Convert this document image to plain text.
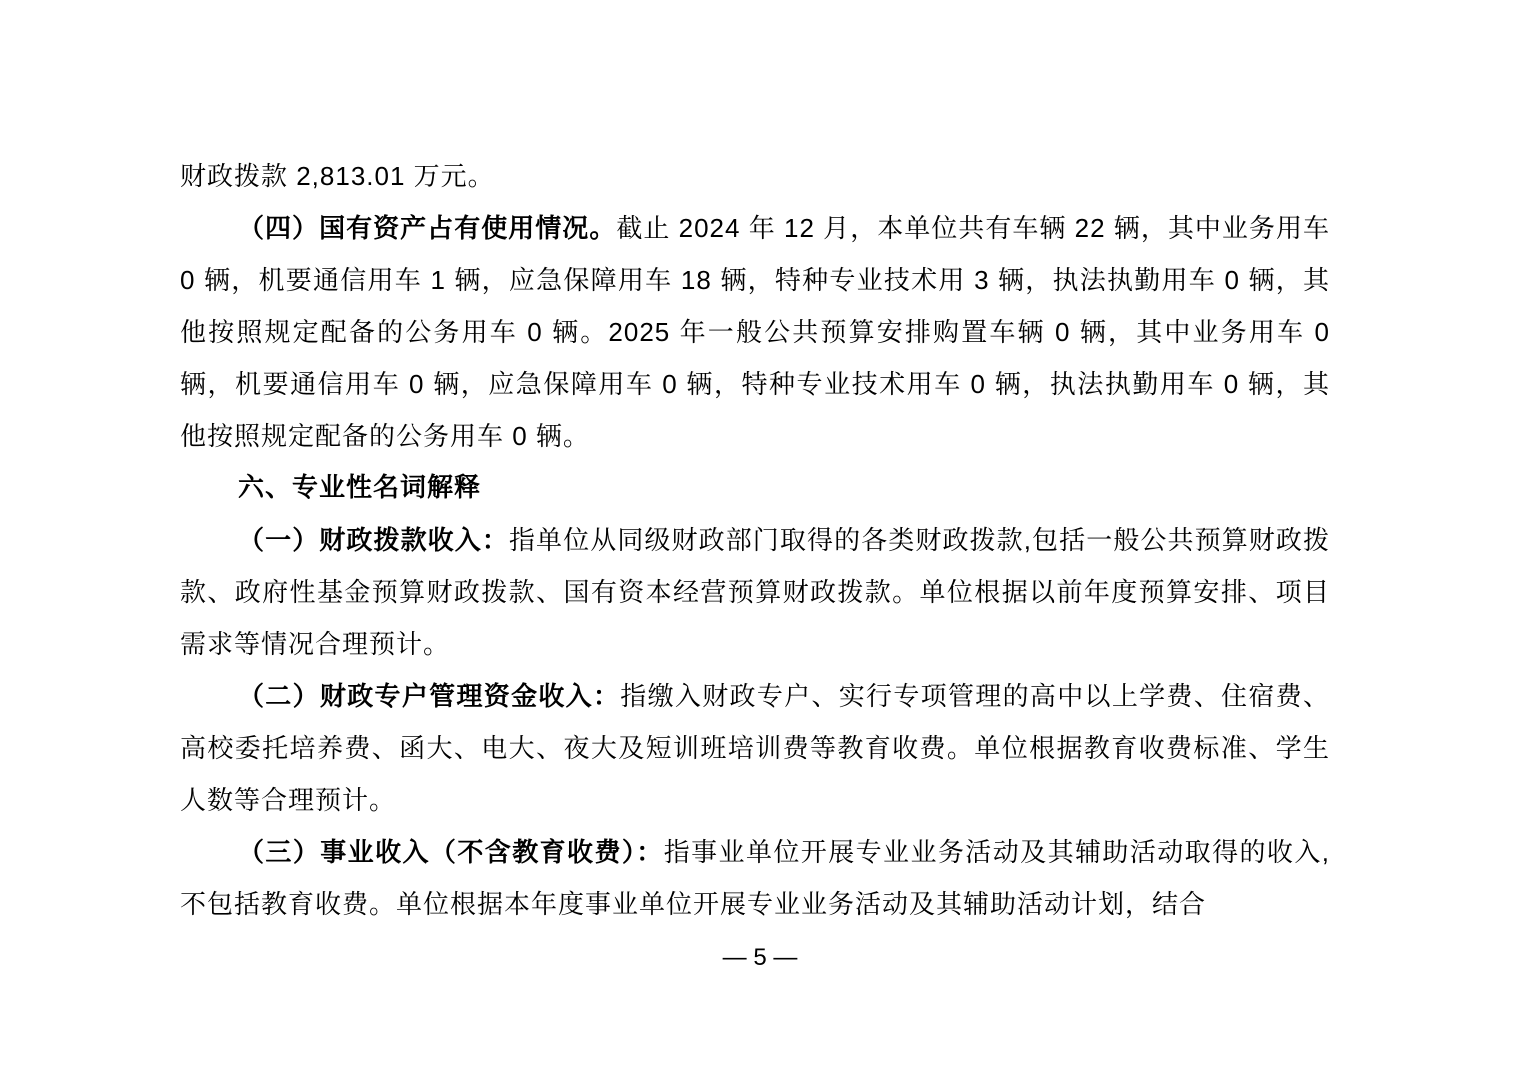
财政拨款 2,813.01 万元。

（四）国有资产占有使用情况。截止 2024 年 12 月，本单位共有车辆 22 辆，其中业务用车 0 辆，机要通信用车 1 辆，应急保障用车 18 辆，特种专业技术用 3 辆，执法执勤用车 0 辆，其他按照规定配备的公务用车 0 辆。2025 年一般公共预算安排购置车辆 0 辆，其中业务用车 0 辆，机要通信用车 0 辆，应急保障用车 0 辆，特种专业技术用车 0 辆，执法执勤用车 0 辆，其他按照规定配备的公务用车 0 辆。

六、专业性名词解释

（一）财政拨款收入：指单位从同级财政部门取得的各类财政拨款,包括一般公共预算财政拨款、政府性基金预算财政拨款、国有资本经营预算财政拨款。单位根据以前年度预算安排、项目需求等情况合理预计。

（二）财政专户管理资金收入：指缴入财政专户、实行专项管理的高中以上学费、住宿费、高校委托培养费、函大、电大、夜大及短训班培训费等教育收费。单位根据教育收费标准、学生人数等合理预计。

（三）事业收入（不含教育收费）：指事业单位开展专业业务活动及其辅助活动取得的收入,不包括教育收费。单位根据本年度事业单位开展专业业务活动及其辅助活动计划，结合

— 5 —
